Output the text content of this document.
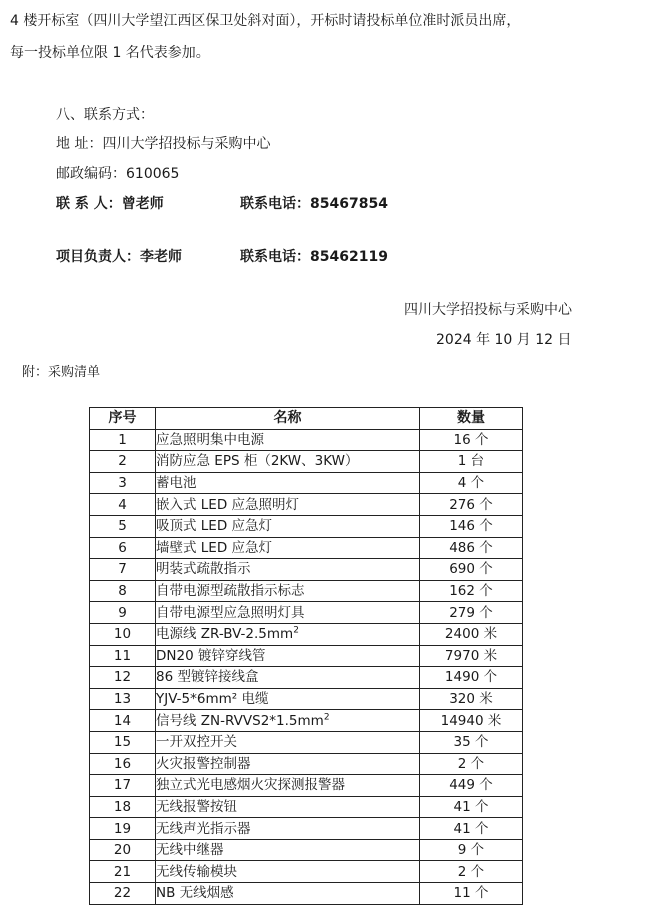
4 楼开标室（四川大学望江西区保卫处斜对面），开标时请投标单位准时派员出席，
每一投标单位限 1 名代表参加。
八、联系方式：
地 址：四川大学招投标与采购中心
邮政编码：610065
联 系 人：曾老师	联系电话：85467854
项目负责人：李老师	联系电话：85462119
四川大学招投标与采购中心
2024 年 10 月 12 日
附：采购清单
序号	名称	数量
1	应急照明集中电源	16 个
2	消防应急 EPS 柜（2KW、3KW）	1 台
3	蓄电池	4 个
4	嵌入式 LED 应急照明灯	276 个
5	吸顶式 LED 应急灯	146 个
6	墙壁式 LED 应急灯	486 个
7	明装式疏散指示	690 个
8	自带电源型疏散指示标志	162 个
9	自带电源型应急照明灯具	279 个
10	电源线 $ZR-BV-2.5mm^2$	2400 米
11	DN20 镀锌穿线管	7970 米
12	86 型镀锌接线盒	1490 个
13	YJV-5*6mm² 电缆	320 米
14	信号线 $ZN-RVVS2*1.5mm^2$	14940 米
15	一开双控开关	35 个
16	火灾报警控制器	2 个
17	独立式光电感烟火灾探测报警器	449 个
18	无线报警按钮	41 个
19	无线声光指示器	41 个
20	无线中继器	9 个
21	无线传输模块	2 个
22	NB 无线烟感	11 个
